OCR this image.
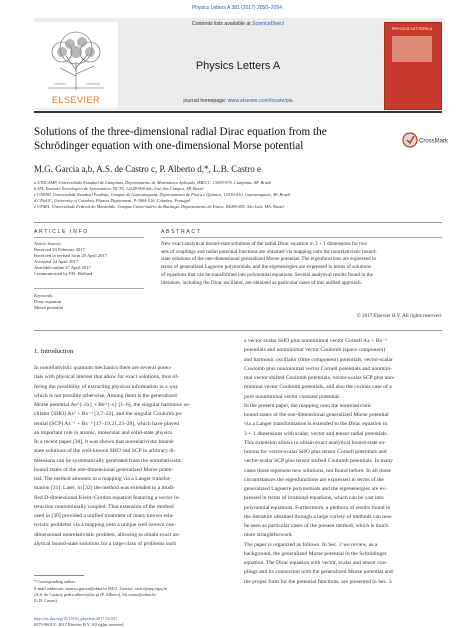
Physics Letters A 381 (2017) 2050–2054
ELSEVIER
Contents lists available at ScienceDirect
Physics Letters A
journal homepage: www.elsevier.com/locate/pla
PHYSICS LETTERS A
Solutions of the three-dimensional radial Dirac equation from the
Schrödinger equation with one-dimensional Morse potential	CrossMark
M.G. Garcia a,b, A.S. de Castro c, P. Alberto d,*, L.B. Castro e
a UNICAMP, Universidade Estadual de Campinas, Departamento de Matemática Aplicada, IMECC, 13083-970, Campinas, SP, Brazil
b ITA, Instituto Tecnológico de Aeronáutica, DCTA, 12228-900 São José dos Campos, SP, Brazil
c UNESP, Universidade Estadual Paulista, Campus de Guaratinguetá, Departamento de Física e Química, 12516-410, Guaratinguetá, SP, Brazil
d CFisUC, University of Coimbra, Physics Department, P-3004-516, Coimbra, Portugal
e UFMA, Universidade Federal do Maranhão, Campus Universitário do Bacanga, Departamento de Física, 65080-805, São Luís, MA, Brazil
ARTICLE INFO
Article history:
Received 23 February 2017
Received in revised form 20 April 2017
Accepted 24 April 2017
Available online 27 April 2017
Communicated by P.R. Holland
Keywords:
Dirac equation
Morse potential
ABSTRACT
New exact analytical bound-state solutions of the radial Dirac equation in 3 + 1 dimensions for two
sets of couplings and radial potential functions are obtained via mapping onto the nonrelativistic bound-
state solutions of the one-dimensional generalized Morse potential. The eigenfunctions are expressed in
terms of generalized Laguerre polynomials, and the eigenenergies are expressed in terms of solutions
of equations that can be transformed into polynomial equations. Several analytical results found in the
literature, including the Dirac oscillator, are obtained as particular cases of this unified approach.
© 2017 Elsevier B.V. All rights reserved.
1. Introduction
In nonrelativistic quantum mechanics there are several poten-
tials with physical interest that allow for exact solutions, thus of-
fering the possibility of extracting physical information in a way
which is not possible otherwise. Among them is the generalized
Morse potential Ae^{-2x} + Be^{-x} [1–6], the singular harmonic os-
cillator (SHO) Ax² + Bx⁻² [3,7–22], and the singular Coulomb po-
tential (SCP) Ax⁻¹ + Bx⁻² [17–19,21,23–29], which have played
an important role in atomic, molecular and solid-state physics.
In a recent paper [30], it was shown that nonrelativistic bound-
state solutions of the well-known SHO and SCP in arbitrary di-
mensions can be systematically generated from the nonrelativistic
bound states of the one-dimensional generalized Morse poten-
tial. The method amounts to a mapping via a Langer transfor-
mation [31]. Later, in [32] the method was extended to a modi-
fied D-dimensional Klein–Gordon equation featuring a vector in-
teraction nonminimally coupled. That extension of the method
used in [30] provided a unified treatment of many known rela-
tivistic problems via a mapping onto a unique well-known one-
dimensional nonrelativistic problem, allowing to obtain exact an-
alytical bound-state solutions for a large class of problems such
a vector-scalar SHO plus nonminimal vector Cornell Ax + Bx⁻¹
potentials and nonminimal vector Coulomb (space component)
and harmonic oscillator (time component) potentials, vector-scalar
Coulomb plus nonminimal vector Cornell potentials and nonmini-
mal vector shifted Coulomb potentials, vector-scalar SCP plus non-
minimal vector Coulomb potentials, and also the curious case of a
pure nonminimal vector constant potential.
In the present paper, the mapping onto the nonrelativistic
bound states of the one-dimensional generalized Morse potential
via a Langer transformation is extended to the Dirac equation in
3 + 1 dimensions with scalar, vector and tensor radial potentials.
This extension allows to obtain exact analytical bound-state so-
lutions for vector-scalar SHO plus tensor Cornell potentials and
vector-scalar SCP plus tensor shifted Coulomb potentials. In many
cases those represent new solutions, not found before. In all those
circumstances the eigenfunctions are expressed in terms of the
generalized Laguerre polynomials and the eigenenergies are ex-
pressed in terms of irrational equations, which can be cast into
polynomial equations. Furthermore, a plethora of results found in
the literature obtained through a large variety of methods can now
be seen as particular cases of the present method, which is much
more straightforward.
The paper is organized as follows. In Sec. 2 we review, as a
background, the generalized Morse potential in the Schrödinger
equation. The Dirac equation with vector, scalar and tensor cou-
plings and its connection with the generalized Morse potential and
the proper form for the potential functions, are presented in Sec. 3
* Corresponding author.
E-mail addresses: marcos.garcia@ufma.br (M.G. Garcia), castro@pq.cnpq.br
(A.S. de Castro), pedro.alberto@uc.pt (P. Alberto), lrb.castro@ufma.br
(L.B. Castro).
http://dx.doi.org/10.1016/j.physleta.2017.04.037
0375-9601/© 2017 Elsevier B.V. All rights reserved.
